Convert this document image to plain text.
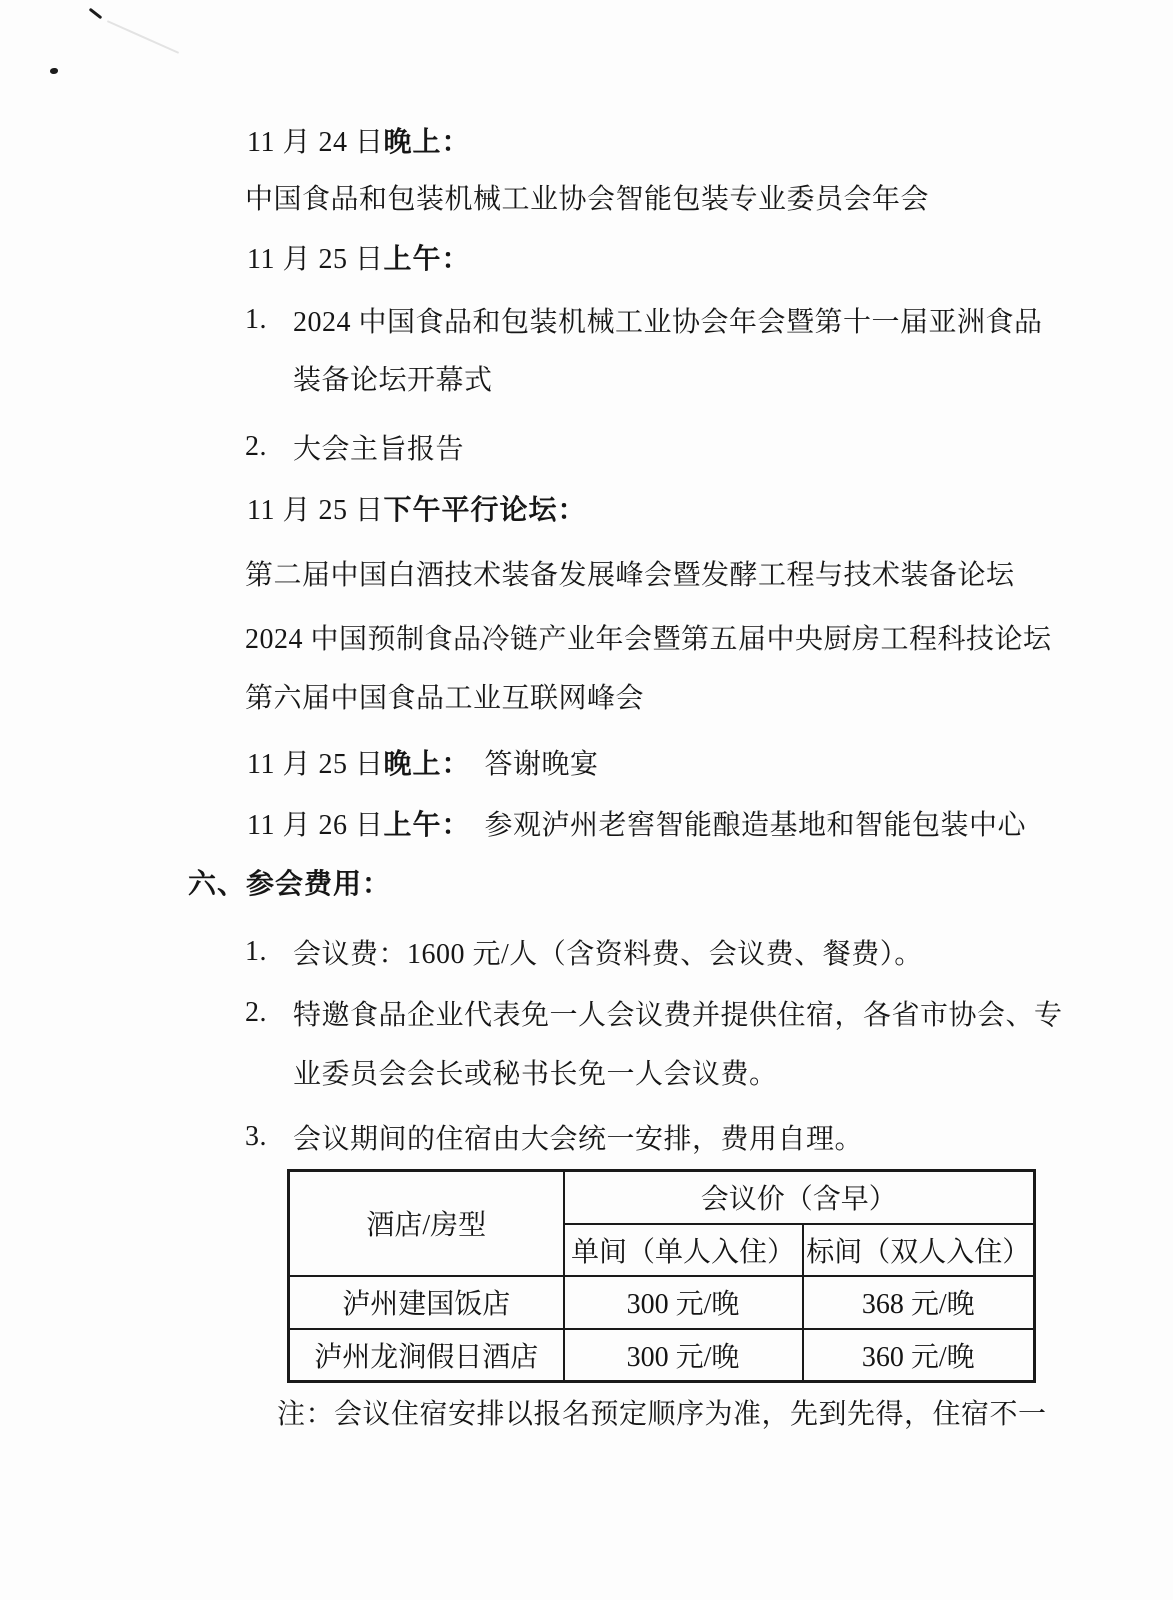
11 月 24 日 晚上：
中国食品和包装机械工业协会智能包装专业委员会年会
11 月 25 日 上午：
1. 2024 中国食品和包装机械工业协会年会暨第十一届亚洲食品
装备论坛开幕式
2. 大会主旨报告
11 月 25 日 下午平行论坛：
第二届中国白酒技术装备发展峰会暨发酵工程与技术装备论坛
2024 中国预制食品冷链产业年会暨第五届中央厨房工程科技论坛
第六届中国食品工业互联网峰会
11 月 25 日 晚上： 答谢晚宴
11 月 26 日 上午： 参观泸州老窖智能酿造基地和智能包装中心
六、 参会费用：
1. 会议费：1600 元/人（含资料费、会议费、餐费）。
2. 特邀食品企业代表免一人会议费并提供住宿，各省市协会、专
业委员会会长或秘书长免一人会议费。
3. 会议期间的住宿由大会统一安排，费用自理。
酒店/房型	会议价（含早）	
	单间（单人入住）	标间（双人入住）
泸州建国饭店	300 元/晚	368 元/晚
泸州龙涧假日酒店	300 元/晚	360 元/晚
注：会议住宿安排以报名预定顺序为准，先到先得，住宿不一
